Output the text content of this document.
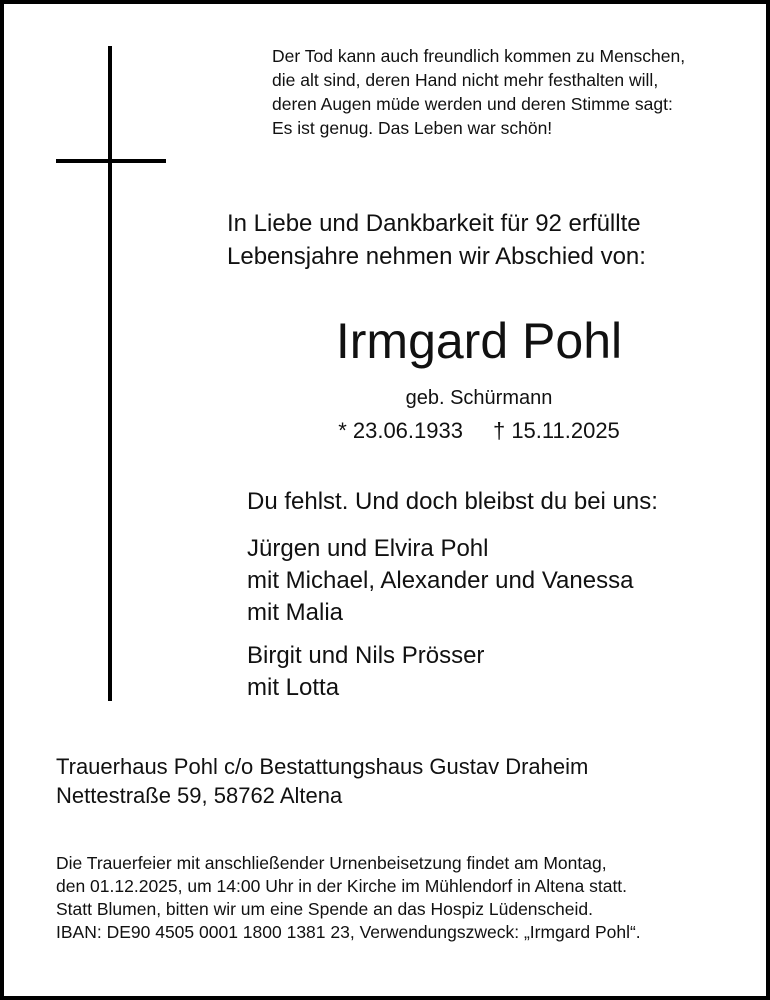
Der Tod kann auch freundlich kommen zu Menschen,
die alt sind, deren Hand nicht mehr festhalten will,
deren Augen müde werden und deren Stimme sagt:
Es ist genug. Das Leben war schön!
In Liebe und Dankbarkeit für 92 erfüllte
Lebensjahre nehmen wir Abschied von:
Irmgard Pohl
geb. Schürmann
* 23.06.1933 † 15.11.2025
Du fehlst. Und doch bleibst du bei uns:
Jürgen und Elvira Pohl
mit Michael, Alexander und Vanessa
mit Malia
Birgit und Nils Prösser
mit Lotta
Trauerhaus Pohl c/o Bestattungshaus Gustav Draheim
Nettestraße 59, 58762 Altena
Die Trauerfeier mit anschließender Urnenbeisetzung findet am Montag,
den 01.12.2025, um 14:00 Uhr in der Kirche im Mühlendorf in Altena statt.
Statt Blumen, bitten wir um eine Spende an das Hospiz Lüdenscheid.
IBAN: DE90 4505 0001 1800 1381 23, Verwendungszweck: „Irmgard Pohl“.
